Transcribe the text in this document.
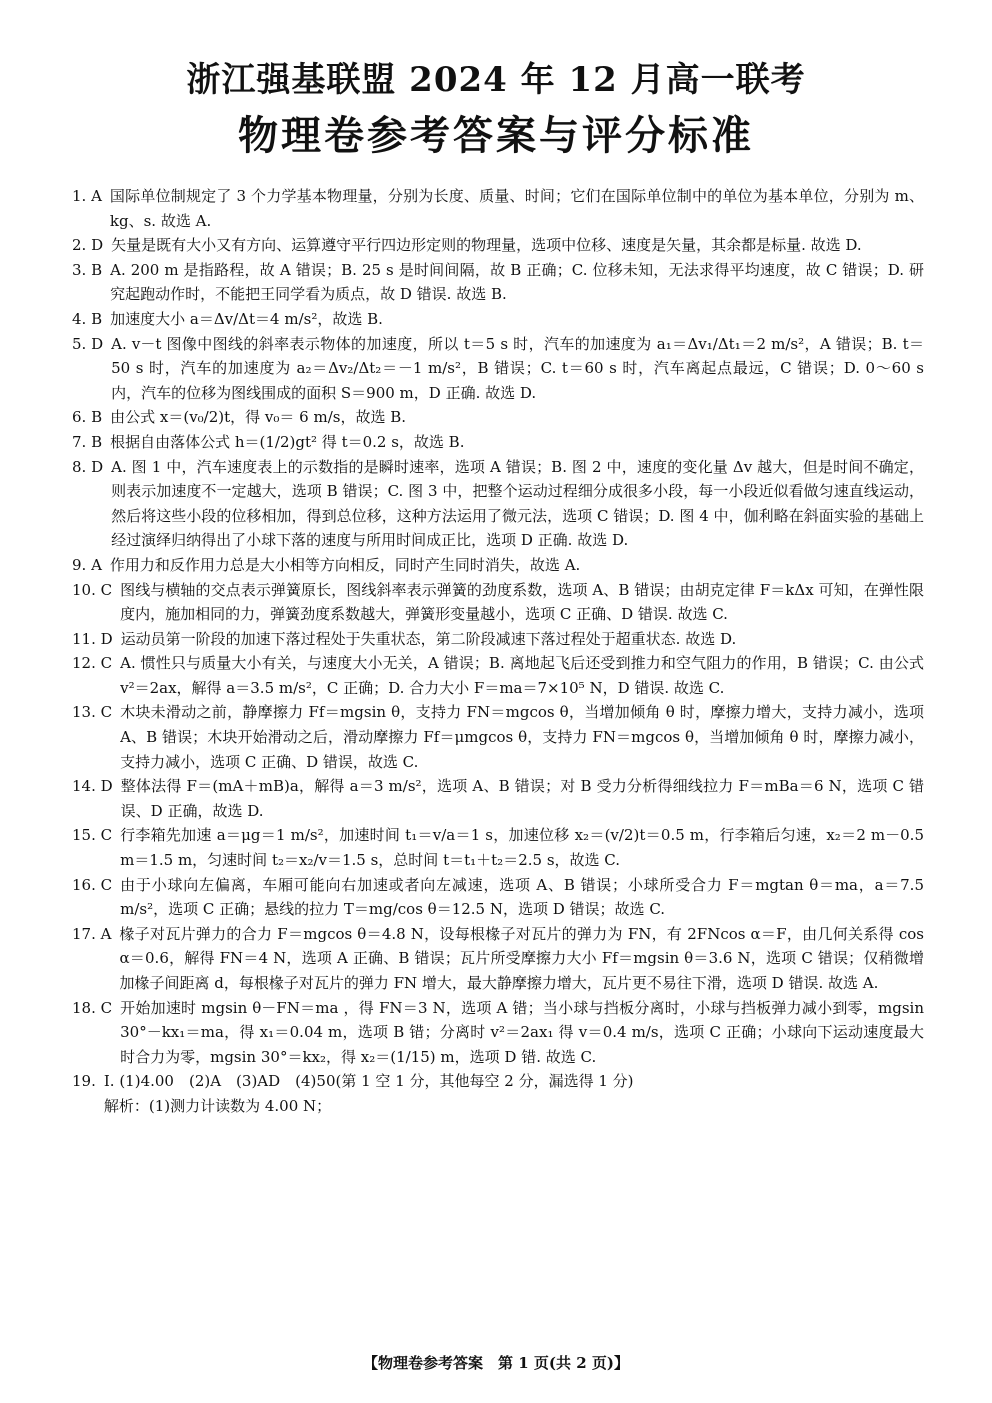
浙江强基联盟 2024 年 12 月高一联考
物理卷参考答案与评分标准
1. A 国际单位制规定了 3 个力学基本物理量，分别为长度、质量、时间；它们在国际单位制中的单位为基本单位，分别为 m、kg、s. 故选 A.

2. D 矢量是既有大小又有方向、运算遵守平行四边形定则的物理量，选项中位移、速度是矢量，其余都是标量. 故选 D.

3. B A. 200 m 是指路程，故 A 错误；B. 25 s 是时间间隔，故 B 正确；C. 位移未知，无法求得平均速度，故 C 错误；D. 研究起跑动作时，不能把王同学看为质点，故 D 错误. 故选 B.

4. B 加速度大小 a＝Δv/Δt＝4 m/s²，故选 B.

5. D A. v－t 图像中图线的斜率表示物体的加速度，所以 t＝5 s 时，汽车的加速度为 a₁＝Δv₁/Δt₁＝2 m/s²，A 错误；B. t＝50 s 时，汽车的加速度为 a₂＝Δv₂/Δt₂＝－1 m/s²，B 错误；C. t＝60 s 时，汽车离起点最远，C 错误；D. 0～60 s 内，汽车的位移为图线围成的面积 S＝900 m，D 正确. 故选 D.

6. B 由公式 x＝(v₀/2)t，得 v₀＝ 6 m/s，故选 B.

7. B 根据自由落体公式 h＝(1/2)gt² 得 t＝0.2 s，故选 B.

8. D A. 图 1 中，汽车速度表上的示数指的是瞬时速率，选项 A 错误；B. 图 2 中，速度的变化量 Δv 越大，但是时间不确定，则表示加速度不一定越大，选项 B 错误；C. 图 3 中，把整个运动过程细分成很多小段，每一小段近似看做匀速直线运动，然后将这些小段的位移相加，得到总位移，这种方法运用了微元法，选项 C 错误；D. 图 4 中，伽利略在斜面实验的基础上经过演绎归纳得出了小球下落的速度与所用时间成正比，选项 D 正确. 故选 D.

9. A 作用力和反作用力总是大小相等方向相反，同时产生同时消失，故选 A.

10. C 图线与横轴的交点表示弹簧原长，图线斜率表示弹簧的劲度系数，选项 A、B 错误；由胡克定律 F＝kΔx 可知，在弹性限度内，施加相同的力，弹簧劲度系数越大，弹簧形变量越小，选项 C 正确、D 错误. 故选 C.

11. D 运动员第一阶段的加速下落过程处于失重状态，第二阶段减速下落过程处于超重状态. 故选 D.

12. C A. 惯性只与质量大小有关，与速度大小无关，A 错误；B. 离地起飞后还受到推力和空气阻力的作用，B 错误；C. 由公式 v²＝2ax，解得 a＝3.5 m/s²，C 正确；D. 合力大小 F＝ma＝7×10⁵ N，D 错误. 故选 C.

13. C 木块未滑动之前，静摩擦力 Ff＝mgsin θ，支持力 FN＝mgcos θ，当增加倾角 θ 时，摩擦力增大，支持力减小，选项 A、B 错误；木块开始滑动之后，滑动摩擦力 Ff＝μmgcos θ，支持力 FN＝mgcos θ，当增加倾角 θ 时，摩擦力减小，支持力减小，选项 C 正确、D 错误，故选 C.

14. D 整体法得 F＝(mA＋mB)a，解得 a＝3 m/s²，选项 A、B 错误；对 B 受力分析得细线拉力 F＝mBa＝6 N，选项 C 错误、D 正确，故选 D.

15. C 行李箱先加速 a＝μg＝1 m/s²，加速时间 t₁＝v/a＝1 s，加速位移 x₂＝(v/2)t＝0.5 m，行李箱后匀速，x₂＝2 m－0.5 m＝1.5 m，匀速时间 t₂＝x₂/v＝1.5 s，总时间 t＝t₁＋t₂＝2.5 s，故选 C.

16. C 由于小球向左偏离，车厢可能向右加速或者向左减速，选项 A、B 错误；小球所受合力 F＝mgtan θ＝ma，a＝7.5 m/s²，选项 C 正确；悬线的拉力 T＝mg/cos θ＝12.5 N，选项 D 错误；故选 C.

17. A 椽子对瓦片弹力的合力 F＝mgcos θ＝4.8 N，设每根椽子对瓦片的弹力为 FN，有 2FNcos α＝F，由几何关系得 cos α＝0.6，解得 FN＝4 N，选项 A 正确、B 错误；瓦片所受摩擦力大小 Ff＝mgsin θ＝3.6 N，选项 C 错误；仅稍微增加椽子间距离 d，每根椽子对瓦片的弹力 FN 增大，最大静摩擦力增大，瓦片更不易往下滑，选项 D 错误. 故选 A.

18. C 开始加速时 mgsin θ－FN＝ma ，得 FN＝3 N，选项 A 错；当小球与挡板分离时，小球与挡板弹力减小到零，mgsin 30°－kx₁＝ma，得 x₁＝0.04 m，选项 B 错；分离时 v²＝2ax₁ 得 v＝0.4 m/s，选项 C 正确；小球向下运动速度最大时合力为零，mgsin 30°＝kx₂，得 x₂＝(1/15) m，选项 D 错. 故选 C.

19. Ⅰ. (1)4.00　(2)A　(3)AD　(4)50(第 1 空 1 分，其他每空 2 分，漏选得 1 分)

解析：(1)测力计读数为 4.00 N；

【物理卷参考答案　第 1 页(共 2 页)】
